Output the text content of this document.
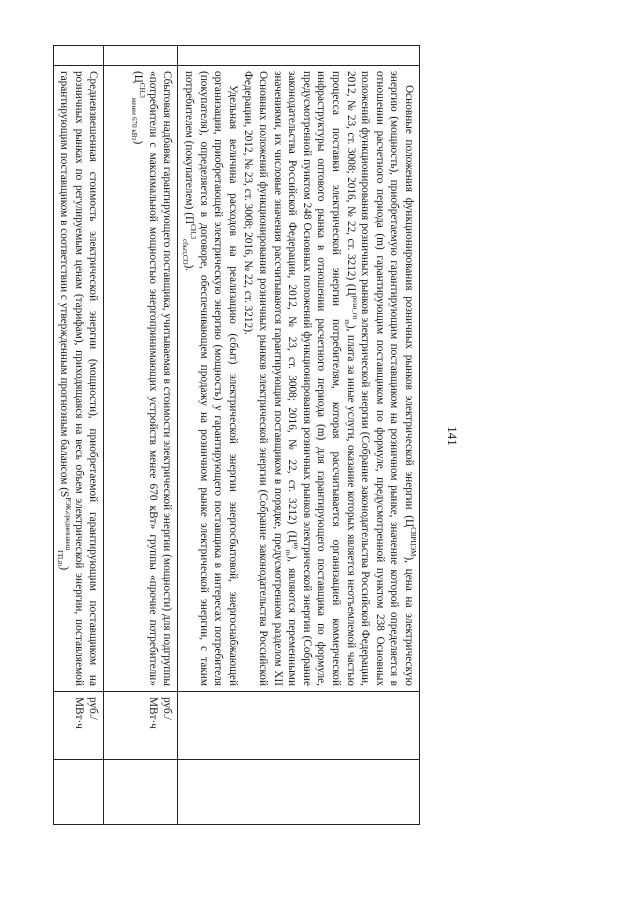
141

	Основные положения функционирования розничных рынков электрической энергии $(Ц^{СВРЦЭМ})$, цена на электрическую энергию (мощность), приобретаемую гарантирующим поставщиком на розничном рынке, значение которой определяется в отношении расчетного периода (m) гарантирующим поставщиком по формуле, предусмотренной пунктом 238 Основных положений функционирования розничных рынков электрической энергии (Собрание законодательства Российской Федерации, 2012, № 23, ст. 3008; 2016, № 22, ст. 3212) $(Ц^{розн\_гп}_m)$, плата за иные услуги, оказание которых является неотъемлемой частью процесса поставки электрической энергии потребителям, которая рассчитывается организацией коммерческой инфраструктуры оптового рынка в отношении расчетного периода (m) для гарантирующего поставщика по формуле, предусмотренной пунктом 248 Основных положений функционирования розничных рынков электрической энергии (Собрание законодательства Российской Федерации, 2012, № 23, ст. 3008; 2016, № 22, ст. 3212) $(Ц^{иу}_m)$, являются переменными значениями, их числовые значения рассчитываются гарантирующим поставщиком в порядке, предусмотренном разделом XII Основных положений функционирования розничных рынков электрической энергии (Собрание законодательства Российской Федерации, 2012, № 23, ст. 3008; 2016, № 22, ст. 3212).

Удельная величина расходов на реализацию (сбыт) электрической энергии энергосбытовой, энергоснабжающей организации, приобретающей электрическую энергию (мощность) у гарантирующего поставщика в интересах потребителя (покупателя), определяется в договоре, обеспечивающем продажу на розничном рынке электрической энергии, с таким потребителем (покупателем) $(П^{СН,3}_{сбыт,СО})$.		

	Сбытовая надбавка гарантирующего поставщика, учитываемая в стоимости электрической энергии (мощности) для подгруппы «потребители с максимальной мощностью энергопринимающих устройств менее 670 кВт» группы «прочие потребители» $(Ц^{СН,3}_{менее 670 кВт})$	руб./ МВт·ч	

	Средневзвешенная стоимость электрической энергии (мощности), приобретаемой гарантирующим поставщиком на розничных рынках по регулируемым ценам (тарифам), приходящаяся на весь объем электрической энергии, поставляемой гарантирующим поставщиком в соответствии с утвержденным прогнозным балансом $(S^{РЭК,средневзвеш}_{ГП,m})$	руб./ МВт·ч	
